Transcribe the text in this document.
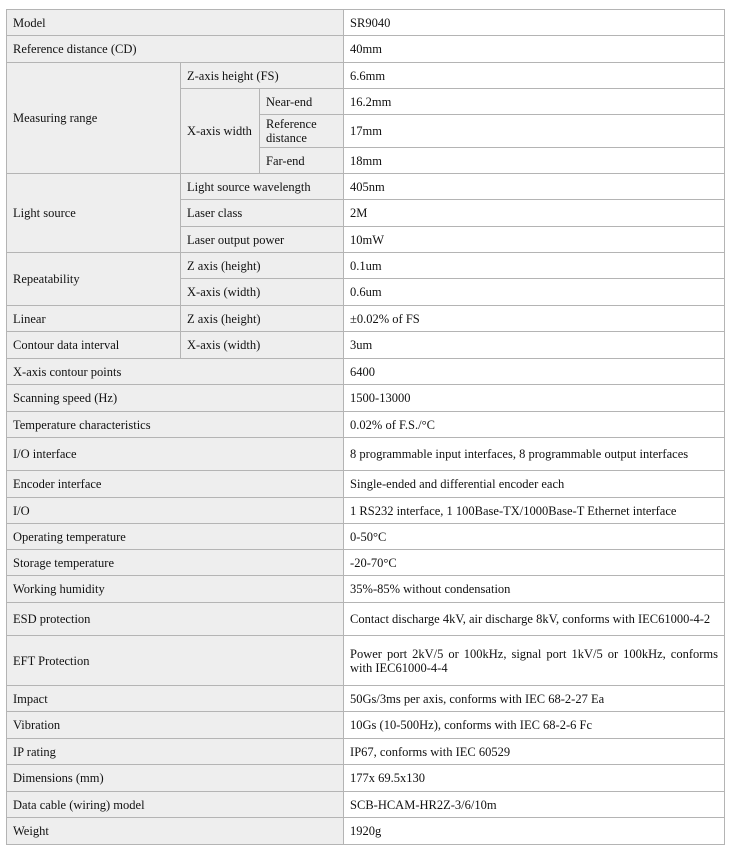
Model			SR9040
Reference distance (CD)			40mm
Measuring range	Z-axis height (FS)		6.6mm
	X-axis width	Near-end	16.2mm
		Reference distance	17mm
		Far-end	18mm
Light source	Light source wavelength		405nm
	Laser class		2M
	Laser output power		10mW
Repeatability	Z axis (height)		0.1um
	X-axis (width)		0.6um
Linear	Z axis (height)		±0.02% of FS
Contour data interval	X-axis (width)		3um
X-axis contour points			6400
Scanning speed (Hz)			1500-13000
Temperature characteristics			0.02% of F.S./°C
I/O interface			8 programmable input interfaces, 8 programmable output interfaces
Encoder interface			Single-ended and differential encoder each
I/O			1 RS232 interface, 1 100Base-TX/1000Base-T Ethernet interface
Operating temperature			0-50°C
Storage temperature			-20-70°C
Working humidity			35%-85% without condensation
ESD protection			Contact discharge 4kV, air discharge 8kV, conforms with IEC61000-4-2
EFT Protection			Power port 2kV/5 or 100kHz, signal port 1kV/5 or 100kHz, conforms with IEC61000-4-4
Impact			50Gs/3ms per axis, conforms with IEC 68-2-27 Ea
Vibration			10Gs (10-500Hz), conforms with IEC 68-2-6 Fc
IP rating			IP67, conforms with IEC 60529
Dimensions (mm)			177x 69.5x130
Data cable (wiring) model			SCB-HCAM-HR2Z-3/6/10m
Weight			1920g
